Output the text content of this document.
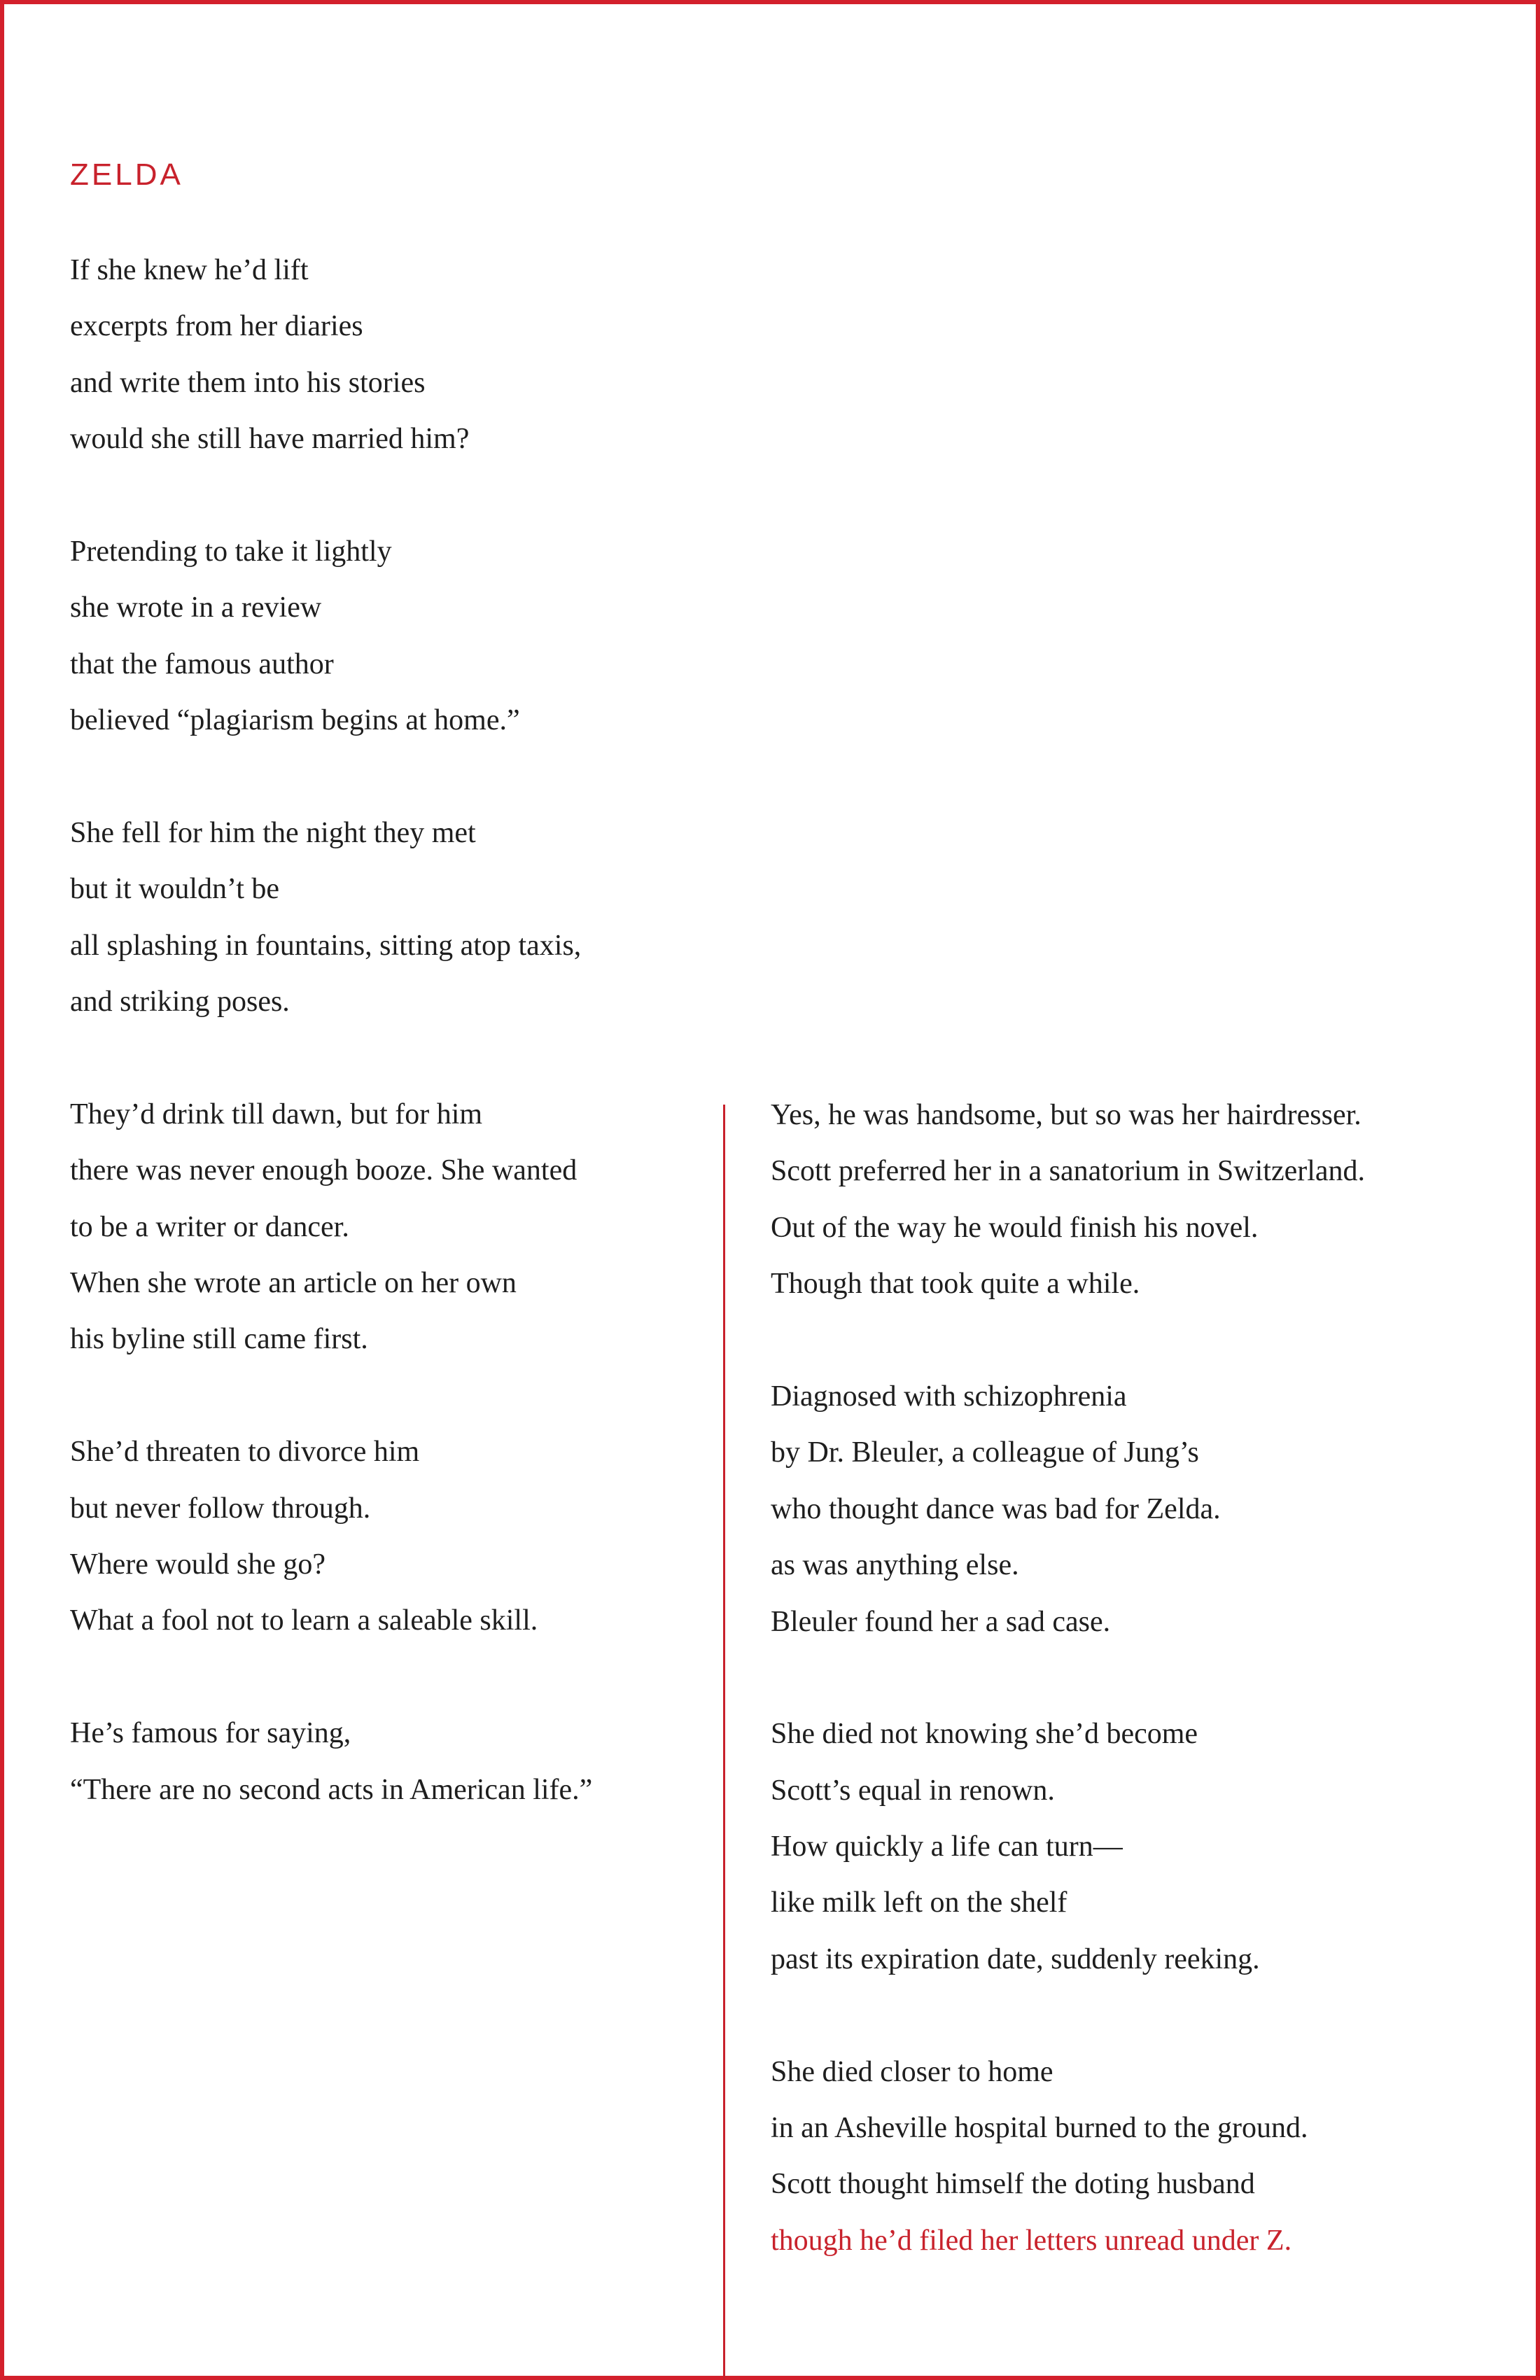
ZELDA
If she knew he’d lift
excerpts from her diaries
and write them into his stories
would she still have married him?
Pretending to take it lightly
she wrote in a review
that the famous author
believed “plagiarism begins at home.”
She fell for him the night they met
but it wouldn’t be
all splashing in fountains, sitting atop taxis,
and striking poses.
They’d drink till dawn, but for him
there was never enough booze. She wanted
to be a writer or dancer.
When she wrote an article on her own
his byline still came first.
She’d threaten to divorce him
but never follow through.
Where would she go?
What a fool not to learn a saleable skill.
He’s famous for saying,
“There are no second acts in American life.”
Yes, he was handsome, but so was her hairdresser.
Scott preferred her in a sanatorium in Switzerland.
Out of the way he would finish his novel.
Though that took quite a while.
Diagnosed with schizophrenia
by Dr. Bleuler, a colleague of Jung’s
who thought dance was bad for Zelda.
as was anything else.
Bleuler found her a sad case.
She died not knowing she’d become
Scott’s equal in renown.
How quickly a life can turn—
like milk left on the shelf
past its expiration date, suddenly reeking.
She died closer to home
in an Asheville hospital burned to the ground.
Scott thought himself the doting husband
though he’d filed her letters unread under Z.
